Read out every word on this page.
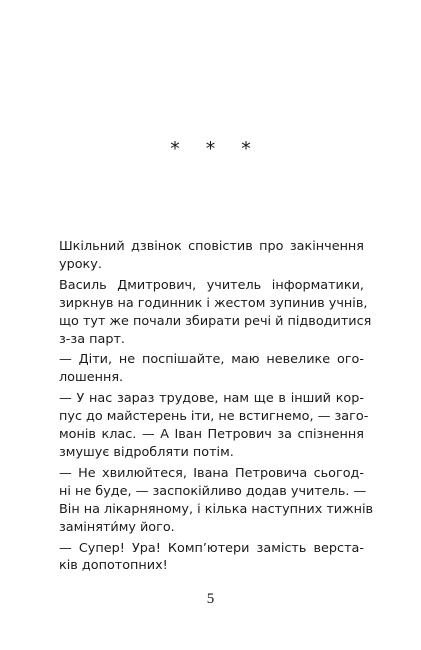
* * *
Шкільний дзвінок сповістив про закінчення
уроку.
Василь Дмитрович, учитель інформатики,
зиркнув на годинник і жестом зупинив учнів,
що тут же почали збирати речі й підводитися
з-за парт.
— Діти, не поспішайте, маю невелике ого-
лошення.
— У нас зараз трудове, нам ще в інший кор-
пус до майстерень іти, не встигнемо, — заго-
монів клас. — А Іван Петрович за спізнення
змушує відробляти потім.
— Не хвилюйтеся, Івана Петровича сьогод-
ні не буде, — заспокійливо додав учитель. —
Він на лікарняному, і кілька наступних тижнів
заміняти́му його.
— Супер! Ура! Комп’ютери замість верста-
ків допотопних!
5
